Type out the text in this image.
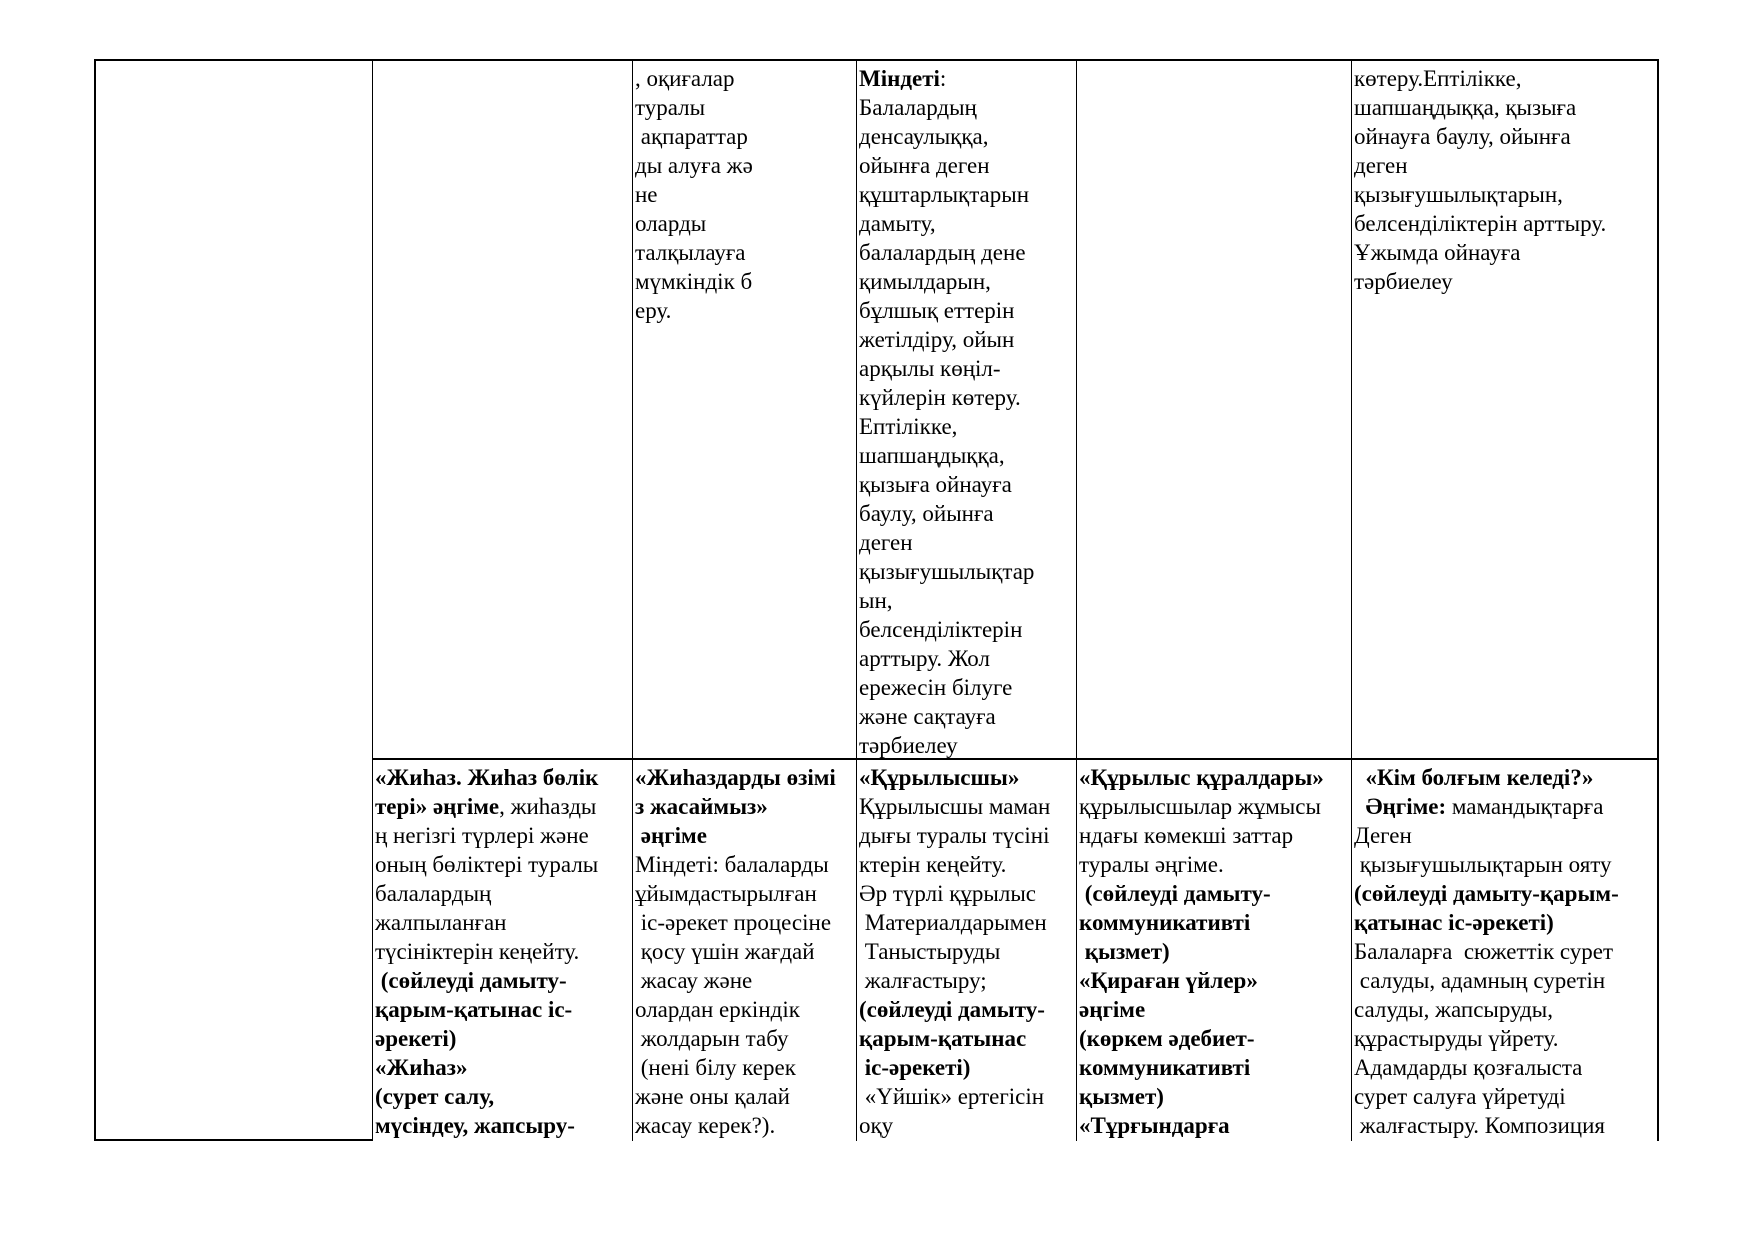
, оқиғалар
туралы
ақпараттар
ды алуға жә
не
оларды
талқылауға
мүмкіндік б
еру.
Міндеті:
Балалардың
денсаулыққа,
ойынға деген
құштарлықтарын
дамыту,
балалардың дене
қимылдарын,
бұлшық еттерін
жетілдіру, ойын
арқылы көңіл-
күйлерін көтеру.
Ептілікке,
шапшаңдыққа,
қызыға ойнауға
баулу, ойынға
деген
қызығушылықтар
ын,
белсенділіктерін
арттыру. Жол
ережесін білуге
және сақтауға
тәрбиелеу
көтеру.Ептілікке,
шапшаңдыққа, қызыға
ойнауға баулу, ойынға
деген
қызығушылықтарын,
белсенділіктерін арттыру.
Ұжымда ойнауға
тәрбиелеу
«Жиhаз. Жиhаз бөлік
тері» әңгіме, жиhазды
ң негізгі түрлері және
оның бөліктері туралы
балалардың
жалпыланған
түсініктерін кеңейту.
(сөйлеуді дамыту-
қарым-қатынас іс-
әрекеті)
«Жиhаз»
(сурет салу,
мүсіндеу, жапсыру-
«Жиhаздарды өзімі
з жасаймыз»
әңгіме
Міндеті: балаларды
ұйымдастырылған
іс-әрекет процесіне
қосу үшін жағдай
жасау және
олардан еркіндік
жолдарын табу
(нені білу керек
және оны қалай
жасау керек?).
«Құрылысшы»
Құрылысшы маман
дығы туралы түсіні
ктерін кеңейту.
Әр түрлі құрылыс
Материалдарымен
Таныстыруды
жалғастыру;
(сөйлеуді дамыту-
қарым-қатынас
іс-әрекеті)
«Үйшік» ертегісін
оқу
«Құрылыс құралдары»
құрылысшылар жұмысы
ндағы көмекші заттар
туралы әңгіме.
(сөйлеуді дамыту-
коммуникативті
қызмет)
«Қираған үйлер»
әңгіме
(көркем әдебиет-
коммуникативті
қызмет)
«Тұрғындарға
«Кім болғым келеді?»
Әңгіме: мамандықтарға
Деген
қызығушылықтарын ояту
(сөйлеуді дамыту-қарым-
қатынас іс-әрекеті)
Балаларға  сюжеттік сурет
салуды, адамның суретін
салуды, жапсыруды,
құрастыруды үйрету.
Адамдарды қозғалыста
сурет салуға үйретуді
жалғастыру. Композиция
